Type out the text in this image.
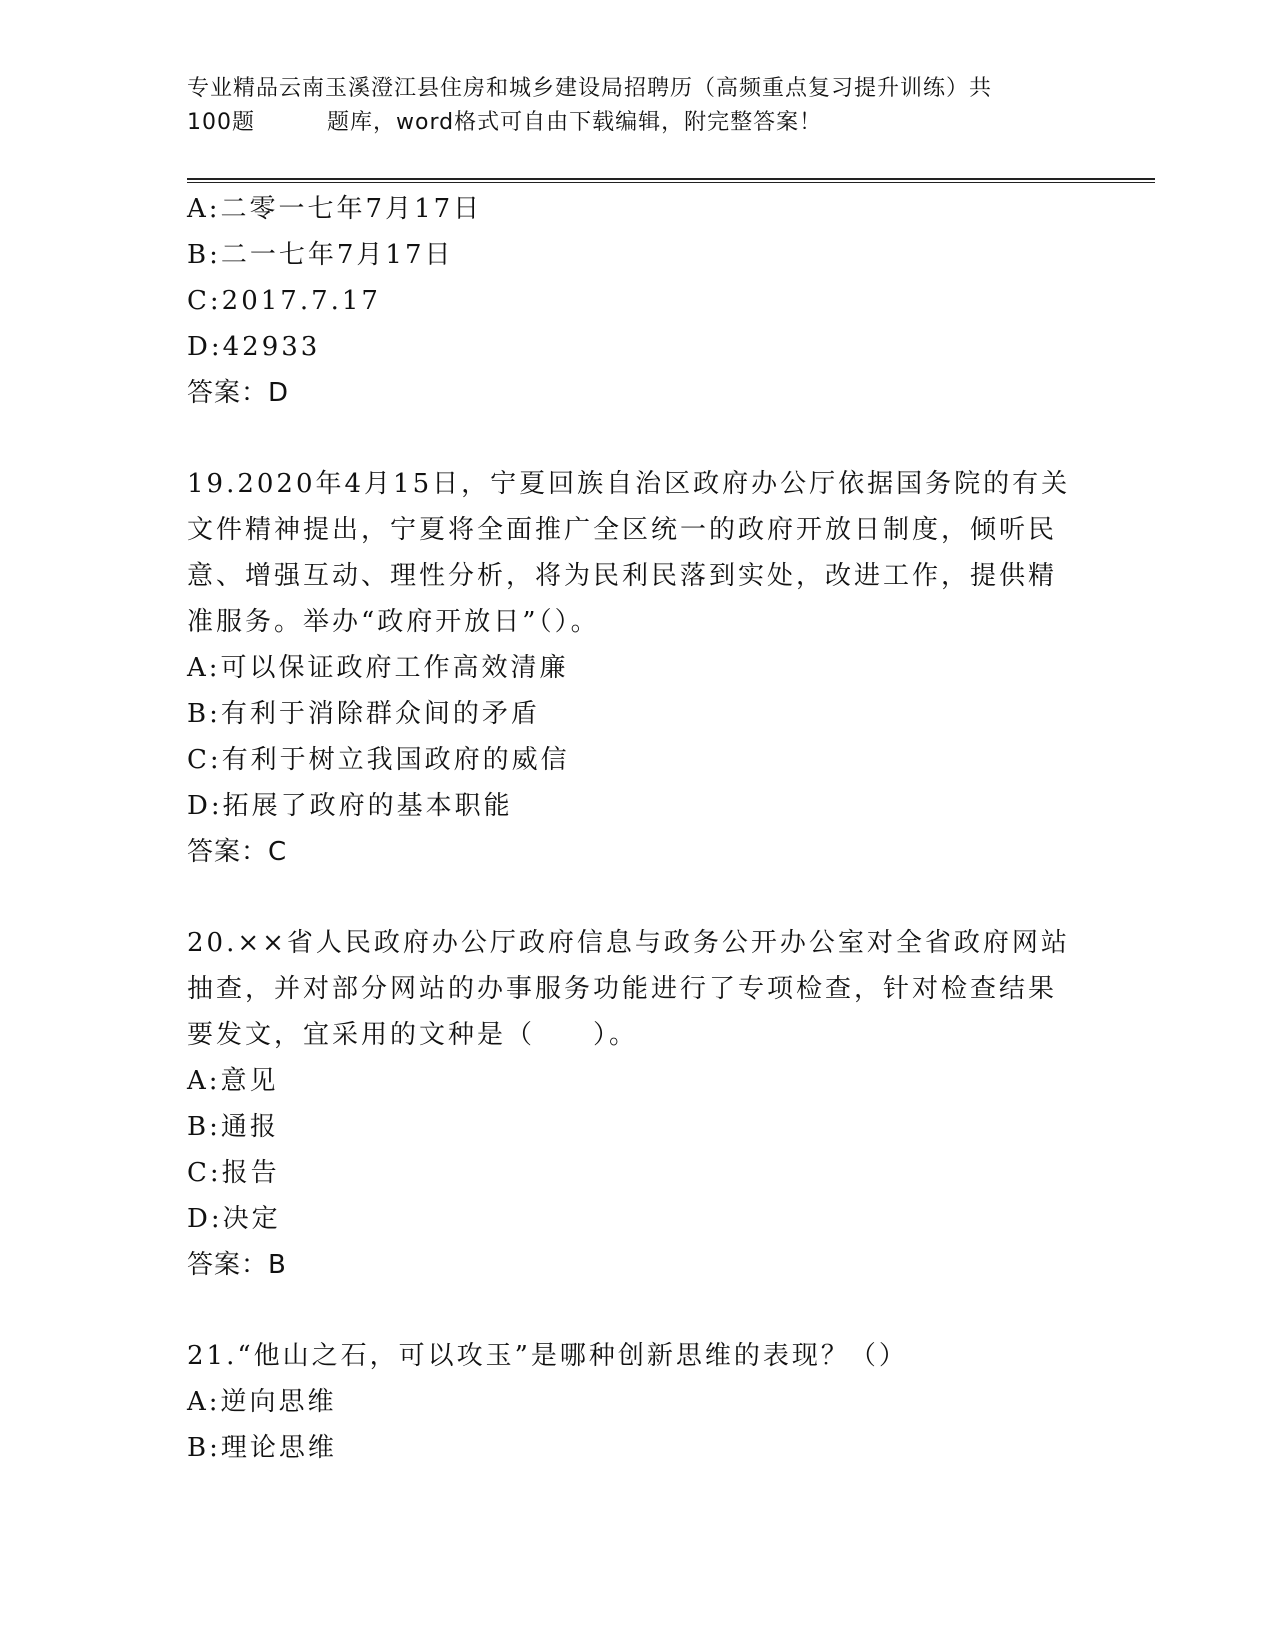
专业精品云南玉溪澄江县住房和城乡建设局招聘历（高频重点复习提升训练）共
100题	题库，word格式可自由下载编辑，附完整答案！
A:二零一七年7月17日
B:二一七年7月17日
C:2017.7.17
D:42933
答案：D
19.2020年4月15日，宁夏回族自治区政府办公厅依据国务院的有关
文件精神提出，宁夏将全面推广全区统一的政府开放日制度，倾听民
意、增强互动、理性分析，将为民利民落到实处，改进工作，提供精
准服务。举办“政府开放日”（）。
A:可以保证政府工作高效清廉
B:有利于消除群众间的矛盾
C:有利于树立我国政府的威信
D:拓展了政府的基本职能
答案：C
20.××省人民政府办公厅政府信息与政务公开办公室对全省政府网站
抽查，并对部分网站的办事服务功能进行了专项检查，针对检查结果
要发文，宜采用的文种是（　　）。
A:意见
B:通报
C:报告
D:决定
答案：B
21.“他山之石，可以攻玉”是哪种创新思维的表现？（）
A:逆向思维
B:理论思维
